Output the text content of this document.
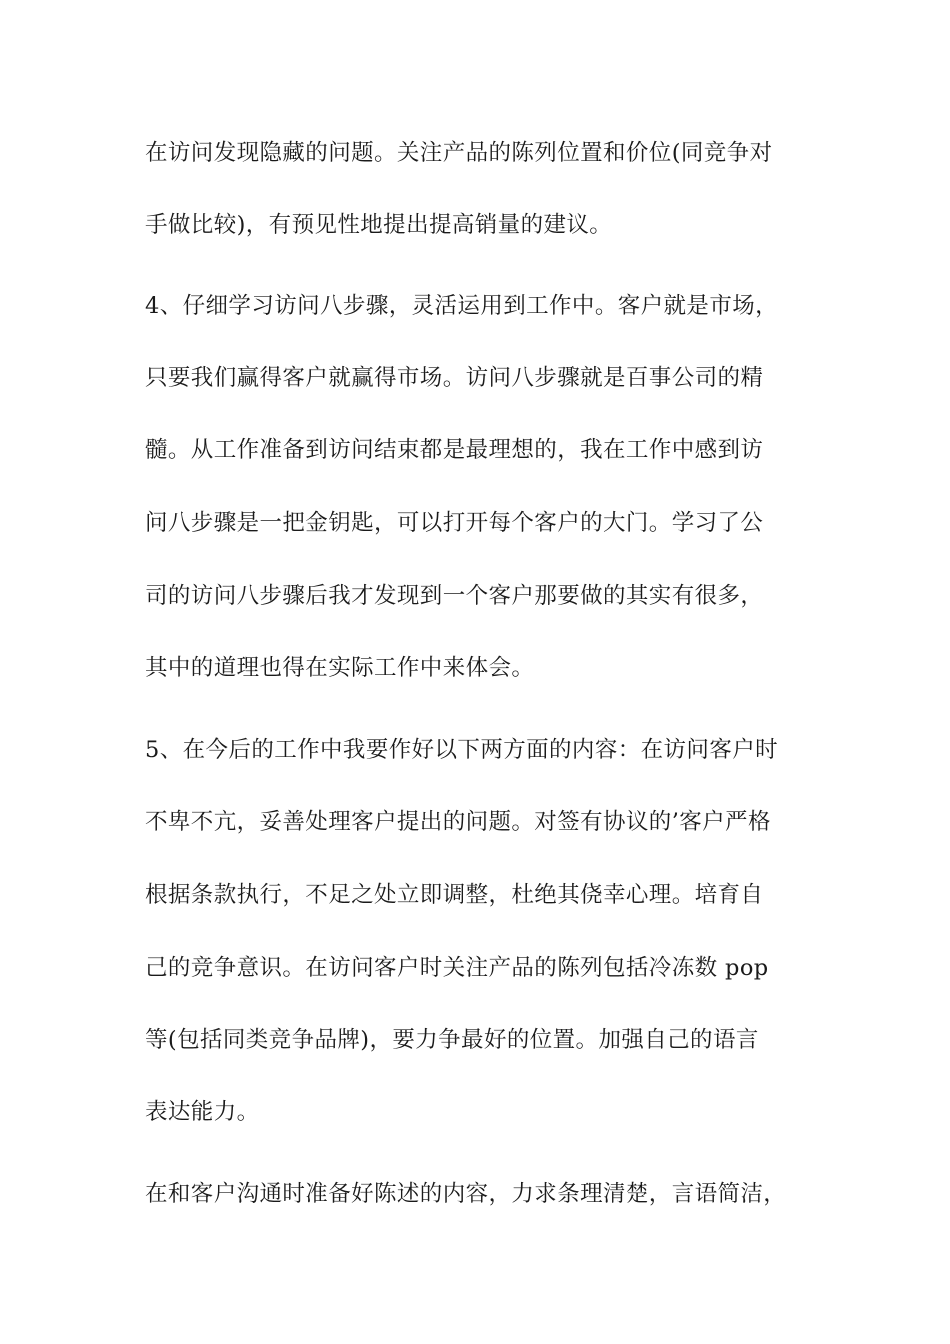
在访问发现隐藏的问题。关注产品的陈列位置和价位(同竞争对
手做比较)，有预见性地提出提高销量的建议。
4、仔细学习访问八步骤，灵活运用到工作中。客户就是市场，
只要我们赢得客户就赢得市场。访问八步骤就是百事公司的精
髓。从工作准备到访问结束都是最理想的，我在工作中感到访
问八步骤是一把金钥匙，可以打开每个客户的大门。学习了公
司的访问八步骤后我才发现到一个客户那要做的其实有很多，
其中的道理也得在实际工作中来体会。
5、在今后的工作中我要作好以下两方面的内容：在访问客户时
不卑不亢，妥善处理客户提出的问题。对签有协议的’客户严格
根据条款执行，不足之处立即调整，杜绝其侥幸心理。培育自
己的竞争意识。在访问客户时关注产品的陈列包括冷冻数 pop
等(包括同类竞争品牌)，要力争最好的位置。加强自己的语言
表达能力。
在和客户沟通时准备好陈述的内容，力求条理清楚，言语简洁，
